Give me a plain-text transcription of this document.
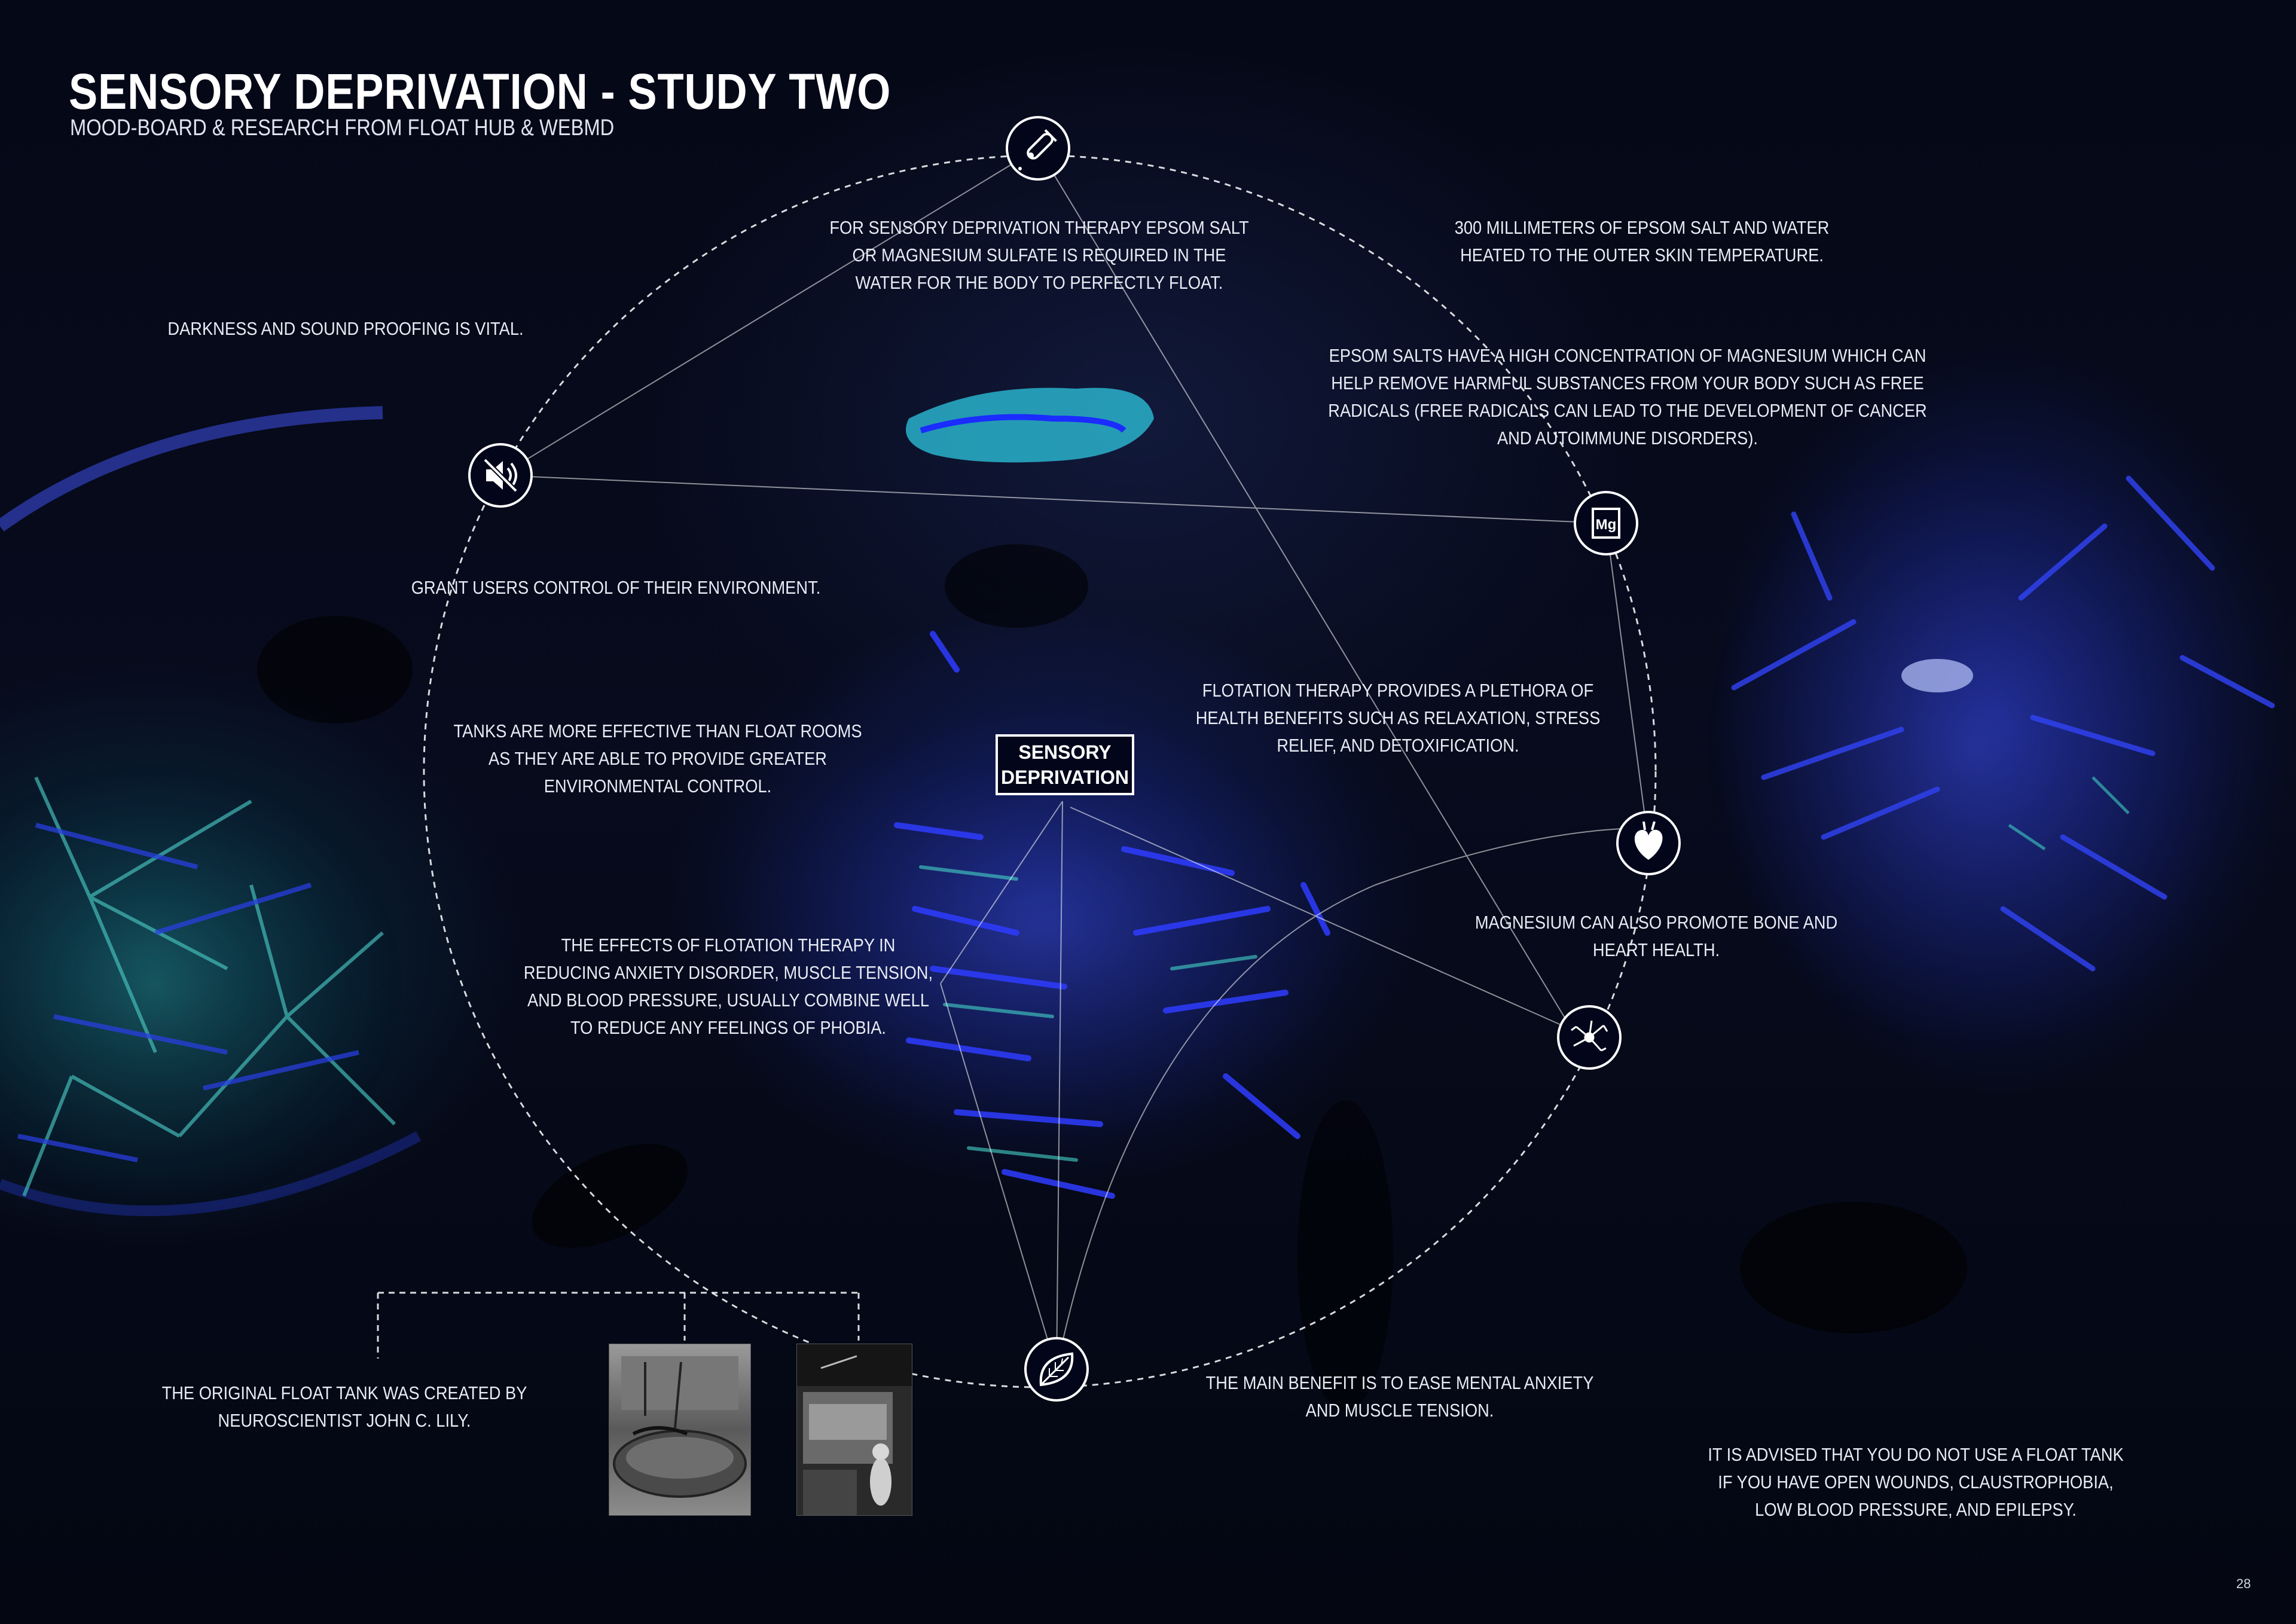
Mg
SENSORY DEPRIVATION - STUDY TWO
MOOD-BOARD & RESEARCH FROM FLOAT HUB & WEBMD
SENSORY
DEPRIVATION
FOR SENSORY DEPRIVATION THERAPY EPSOM SALT
OR MAGNESIUM SULFATE IS REQUIRED IN THE
WATER FOR THE BODY TO PERFECTLY FLOAT.
300 MILLIMETERS OF EPSOM SALT AND WATER
HEATED TO THE OUTER SKIN TEMPERATURE.
DARKNESS AND SOUND PROOFING IS VITAL.
EPSOM SALTS HAVE A HIGH CONCENTRATION OF MAGNESIUM WHICH CAN
HELP REMOVE HARMFUL SUBSTANCES FROM YOUR BODY SUCH AS FREE
RADICALS (FREE RADICALS CAN LEAD TO THE DEVELOPMENT OF CANCER
AND AUTOIMMUNE DISORDERS).
GRANT USERS CONTROL OF THEIR ENVIRONMENT.
TANKS ARE MORE EFFECTIVE THAN FLOAT ROOMS
AS THEY ARE ABLE TO PROVIDE GREATER
ENVIRONMENTAL CONTROL.
FLOTATION THERAPY PROVIDES A PLETHORA OF
HEALTH BENEFITS SUCH AS RELAXATION, STRESS
RELIEF, AND DETOXIFICATION.
THE EFFECTS OF FLOTATION THERAPY IN
REDUCING ANXIETY DISORDER, MUSCLE TENSION,
AND BLOOD PRESSURE, USUALLY COMBINE WELL
TO REDUCE ANY FEELINGS OF PHOBIA.
MAGNESIUM CAN ALSO PROMOTE BONE AND
HEART HEALTH.
THE ORIGINAL FLOAT TANK WAS CREATED BY
NEUROSCIENTIST JOHN C. LILY.
THE MAIN BENEFIT IS TO EASE MENTAL ANXIETY
AND MUSCLE TENSION.
IT IS ADVISED THAT YOU DO NOT USE A FLOAT TANK
IF YOU HAVE OPEN WOUNDS, CLAUSTROPHOBIA,
LOW BLOOD PRESSURE, AND EPILEPSY.
28
